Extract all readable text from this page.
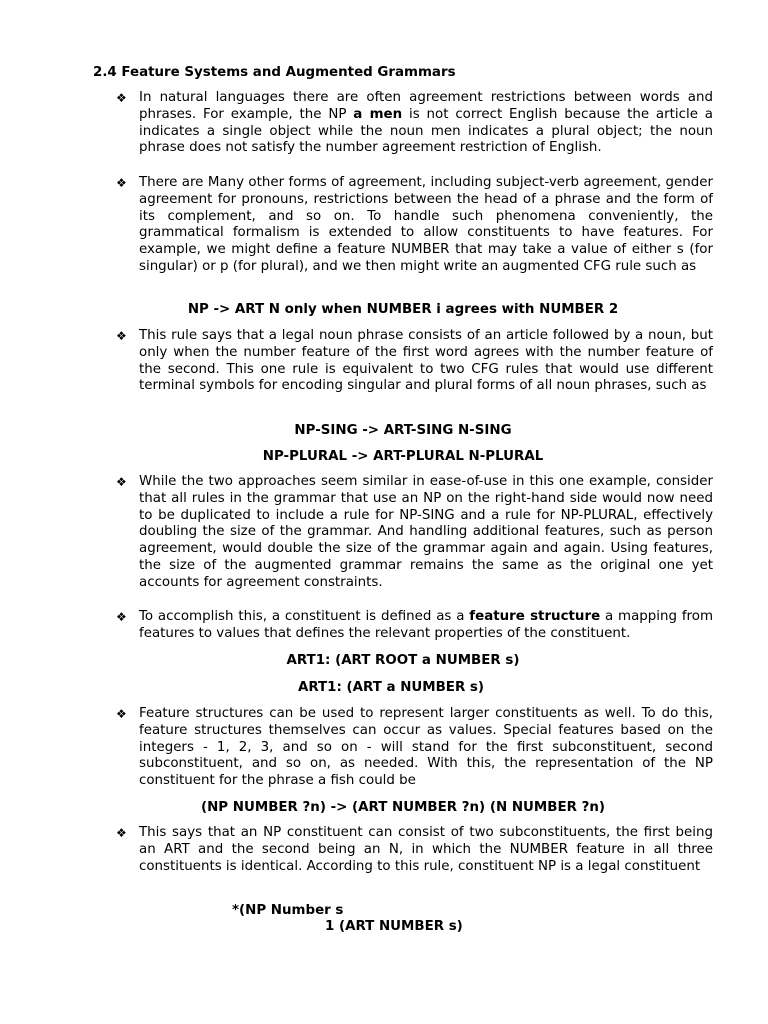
2.4 Feature Systems and Augmented Grammars
❖ In natural languages there are often agreement restrictions between words and phrases. For example, the NP a men is not correct English because the article a indicates a single object while the noun men indicates a plural object; the noun phrase does not satisfy the number agreement restriction of English.
❖ There are Many other forms of agreement, including subject-verb agreement, gender agreement for pronouns, restrictions between the head of a phrase and the form of its complement, and so on. To handle such phenomena conveniently, the grammatical formalism is extended to allow constituents to have features. For example, we might define a feature NUMBER that may take a value of either s (for singular) or p (for plural), and we then might write an augmented CFG rule such as
NP -> ART N only when NUMBER i agrees with NUMBER 2
❖ This rule says that a legal noun phrase consists of an article followed by a noun, but only when the number feature of the first word agrees with the number feature of the second. This one rule is equivalent to two CFG rules that would use different terminal symbols for encoding singular and plural forms of all noun phrases, such as
NP-SING -> ART-SING N-SING
NP-PLURAL -> ART-PLURAL N-PLURAL
❖ While the two approaches seem similar in ease-of-use in this one example, consider that all rules in the grammar that use an NP on the right-hand side would now need to be duplicated to include a rule for NP-SING and a rule for NP-PLURAL, effectively doubling the size of the grammar. And handling additional features, such as person agreement, would double the size of the grammar again and again. Using features, the size of the augmented grammar remains the same as the original one yet accounts for agreement constraints.
❖ To accomplish this, a constituent is defined as a feature structure a mapping from features to values that defines the relevant properties of the constituent.
ART1: (ART ROOT a NUMBER s)
ART1: (ART a NUMBER s)
❖ Feature structures can be used to represent larger constituents as well. To do this, feature structures themselves can occur as values. Special features based on the integers - 1, 2, 3, and so on - will stand for the first subconstituent, second subconstituent, and so on, as needed. With this, the representation of the NP constituent for the phrase a fish could be
(NP NUMBER ?n) -> (ART NUMBER ?n) (N NUMBER ?n)
❖ This says that an NP constituent can consist of two subconstituents, the first being an ART and the second being an N, in which the NUMBER feature in all three constituents is identical. According to this rule, constituent NP is a legal constituent
*(NP Number s
1 (ART NUMBER s)
